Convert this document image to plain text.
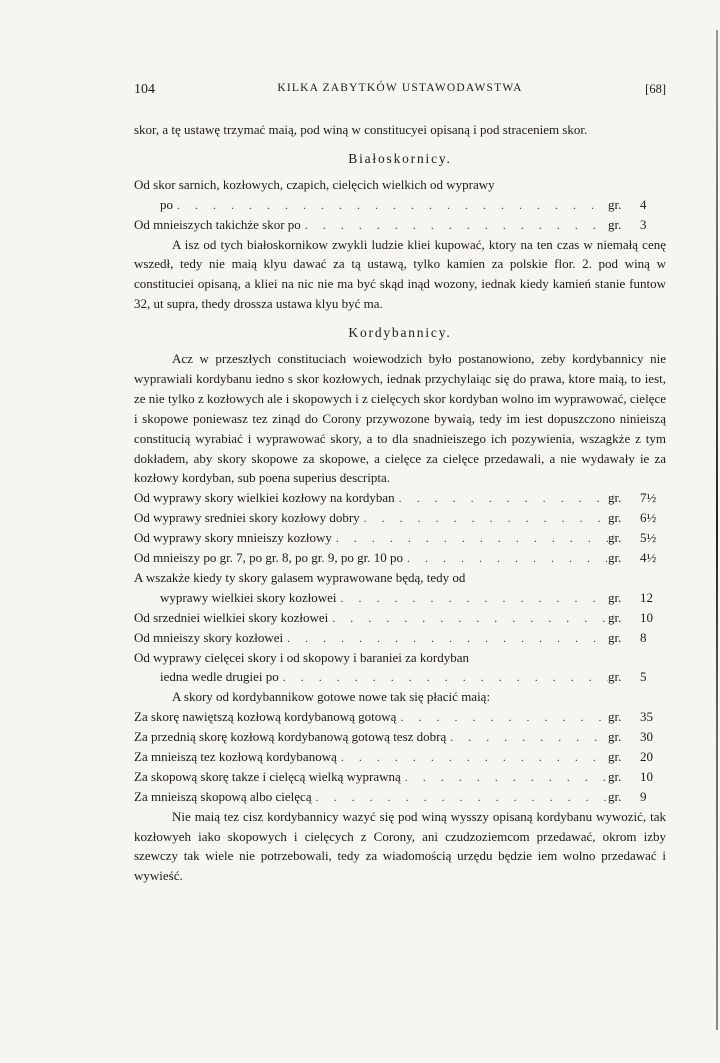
104	KILKA ZABYTKÓW USTAWODAWSTWA	[68]

skor, a tę ustawę trzymać maią, pod winą w constitucyei opisaną i pod straceniem skor.

Białoskornicy.
Od skor sarnich, kozłowych, czapich, cielęcich wielkich od wyprawy
po . . .	gr.	4
Od mnieiszych takichże skor po . . .	gr.	3

A isz od tych białoskornikow zwykli ludzie kliei kupować, ktory na ten czas w niemałą cenę wszedł, tedy nie maią klyu dawać za tą ustawą, tylko kamien za polskie flor. 2. pod winą w constituciei opisaną, a kliei na nic nie ma być skąd inąd wozony, iednak kiedy kamień stanie funtow 32, ut supra, thedy drossza ustawa klyu być ma.

Kordybannicy.

Acz w przeszłych constituciach woiewodzich było postanowiono, zeby kordybannicy nie wyprawiali kordybanu iedno s skor kozłowych, iednak przychylaiąc się do prawa, ktore maią, to iest, ze nie tylko z kozłowych ale i skopowych i z cielęcych skor kordyban wolno im wyprawować, cielęce i skopowe poniewasz tez zinąd do Corony przywozone bywaią, tedy im iest dopuszczono ninieiszą constitucią wyrabiać i wyprawować skory, a to dla snadnieiszego ich pozywienia, wszagkże z tym dokładem, aby skory skopowe za skopowe, a cielęce za cielęce przedawali, a nie wydawały ie za kozłowy kordyban, sub poena superius descripta.

Od wyprawy skory wielkiei kozłowy na kordyban . . .	gr.	7½
Od wyprawy sredniei skory kozłowy dobry . . .	gr.	6½
Od wyprawy skory mnieiszy kozłowy . . .	gr.	5½
Od mnieiszy po gr. 7, po gr. 8, po gr. 9, po gr. 10 po . . .	gr.	4½
A wszakże kiedy ty skory galasem wyprawowane będą, tedy od
wyprawy wielkiei skory kozłowei . . .	gr.	12
Od srzedniei wielkiei skory kozłowei . . .	gr.	10
Od mnieiszy skory kozłowei . . .	gr.	8
Od wyprawy cielęcei skory i od skopowy i baraniei za kordyban
iedna wedle drugiei po . . .	gr.	5
A skory od kordybannikow gotowe nowe tak się płacić maią:
Za skorę nawiętszą kozłową kordybanową gotową . . .	gr.	35
Za przednią skorę kozłową kordybanową gotową tesz dobrą . . .	gr.	30
Za mnieiszą tez kozłową kordybanową . . .	gr.	20
Za skopową skorę takze i cielęcą wielką wyprawną . . .	gr.	10
Za mnieiszą skopową albo cielęcą . . .	gr.	9

Nie maią tez cisz kordybannicy wazyć się pod winą wysszy opisaną kordybanu wywozić, tak kozłowyeh iako skopowych i cielęcych z Corony, ani czudzoziemcom przedawać, okrom izby szewczy tak wiele nie potrzebowali, tedy za wiadomością urzędu będzie iem wolno przedawać i wywieść.
